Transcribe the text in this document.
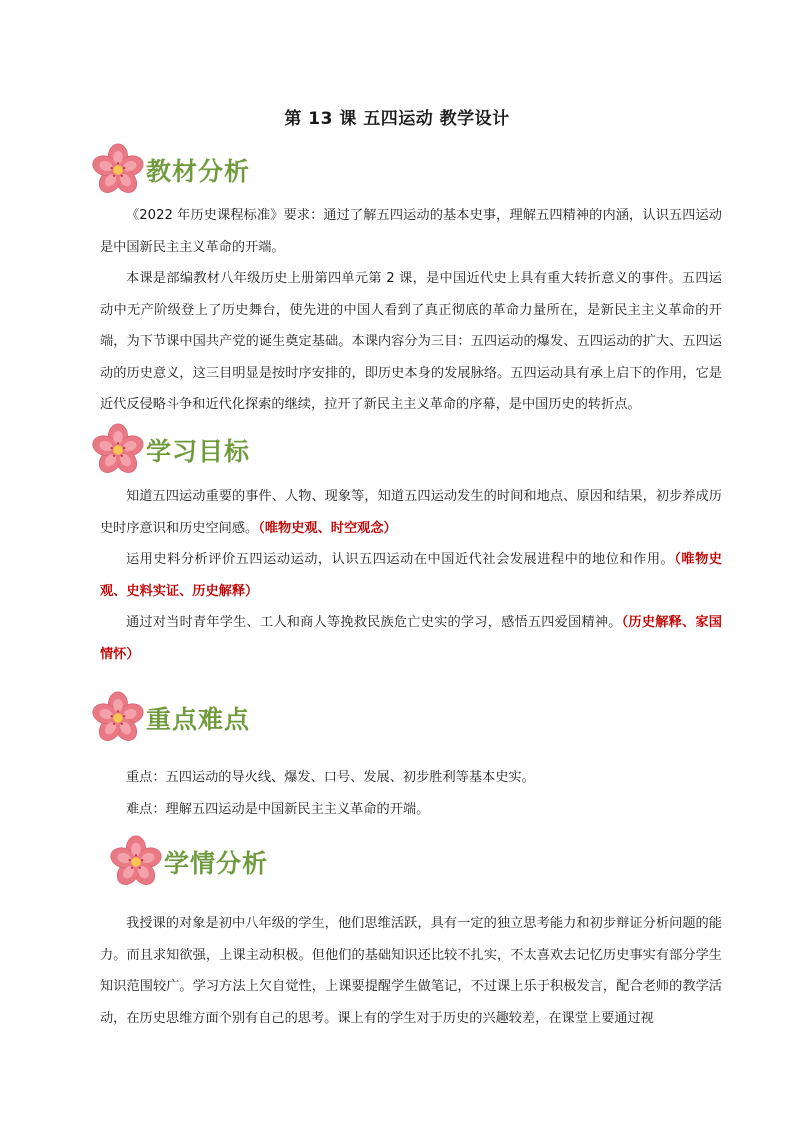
第 13 课 五四运动 教学设计
教材分析

《2022 年历史课程标准》要求：通过了解五四运动的基本史事，理解五四精神的内涵，认识五四运动是中国新民主主义革命的开端。

本课是部编教材八年级历史上册第四单元第 2 课，是中国近代史上具有重大转折意义的事件。五四运动中无产阶级登上了历史舞台，使先进的中国人看到了真正彻底的革命力量所在，是新民主主义革命的开端，为下节课中国共产党的诞生奠定基础。本课内容分为三目：五四运动的爆发、五四运动的扩大、五四运动的历史意义，这三目明显是按时序安排的，即历史本身的发展脉络。五四运动具有承上启下的作用，它是近代反侵略斗争和近代化探索的继续，拉开了新民主主义革命的序幕，是中国历史的转折点。

学习目标

知道五四运动重要的事件、人物、现象等，知道五四运动发生的时间和地点、原因和结果，初步养成历史时序意识和历史空间感。（唯物史观、时空观念）

运用史料分析评价五四运动运动，认识五四运动在中国近代社会发展进程中的地位和作用。（唯物史观、史料实证、历史解释）

通过对当时青年学生、工人和商人等挽救民族危亡史实的学习，感悟五四爱国精神。（历史解释、家国情怀）

重点难点

重点：五四运动的导火线、爆发、口号、发展、初步胜利等基本史实。

难点：理解五四运动是中国新民主主义革命的开端。

学情分析

我授课的对象是初中八年级的学生，他们思维活跃，具有一定的独立思考能力和初步辩证分析问题的能力。而且求知欲强，上课主动积极。但他们的基础知识还比较不扎实，不太喜欢去记忆历史事实有部分学生知识范围较广。学习方法上欠自觉性，上课要提醒学生做笔记，不过课上乐于积极发言，配合老师的教学活动，在历史思维方面个别有自己的思考。课上有的学生对于历史的兴趣较差，在课堂上要通过视
